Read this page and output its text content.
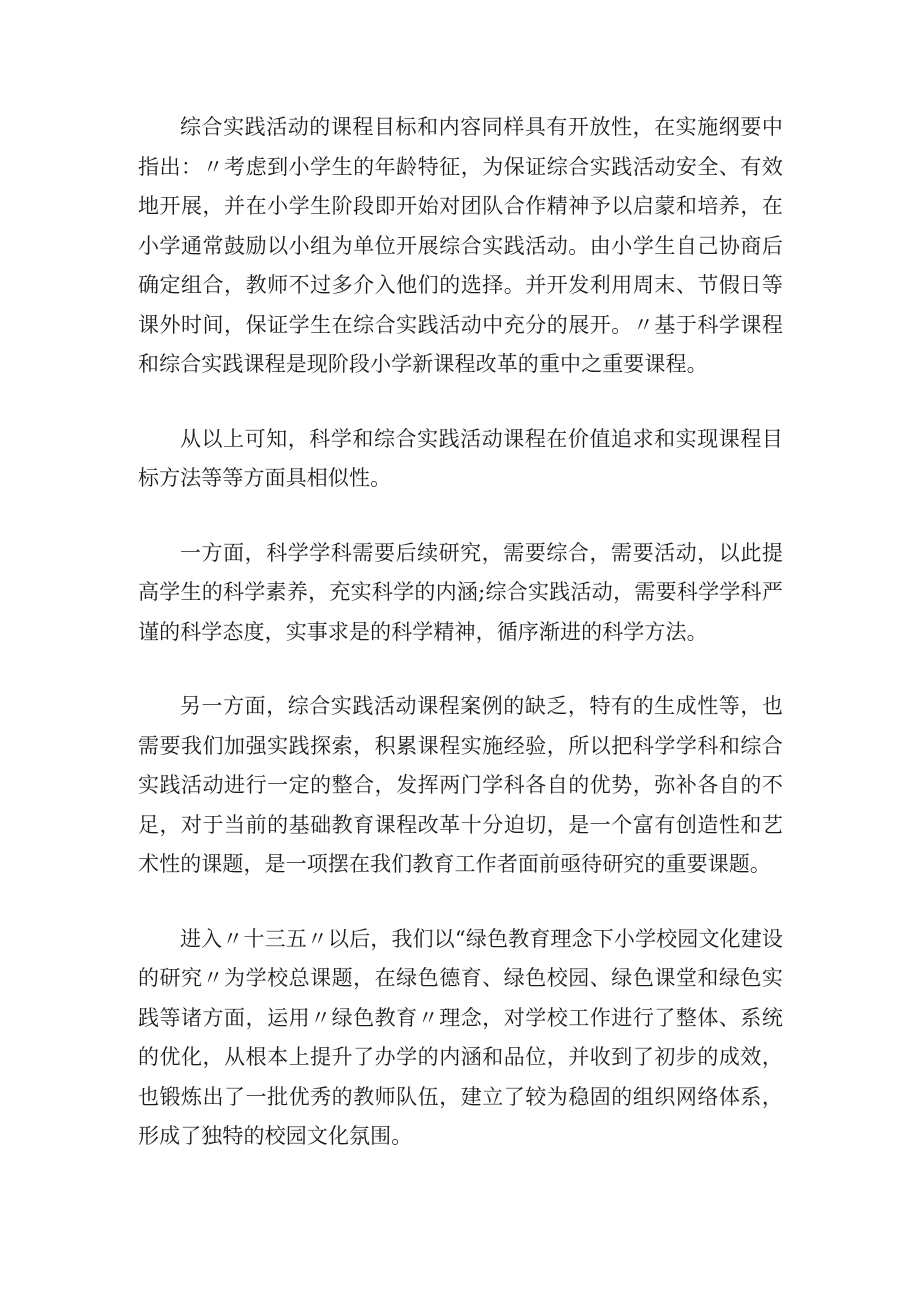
综合实践活动的课程目标和内容同样具有开放性，在实施纲要中指出：〃考虑到小学生的年龄特征，为保证综合实践活动安全、有效地开展，并在小学生阶段即开始对团队合作精神予以启蒙和培养，在小学通常鼓励以小组为单位开展综合实践活动。由小学生自己协商后确定组合，教师不过多介入他们的选择。并开发利用周末、节假日等课外时间，保证学生在综合实践活动中充分的展开。〃基于科学课程和综合实践课程是现阶段小学新课程改革的重中之重要课程。

从以上可知，科学和综合实践活动课程在价值追求和实现课程目标方法等等方面具相似性。

一方面，科学学科需要后续研究，需要综合，需要活动，以此提高学生的科学素养，充实科学的内涵;综合实践活动，需要科学学科严谨的科学态度，实事求是的科学精神，循序渐进的科学方法。

另一方面，综合实践活动课程案例的缺乏，特有的生成性等，也需要我们加强实践探索，积累课程实施经验，所以把科学学科和综合实践活动进行一定的整合，发挥两门学科各自的优势，弥补各自的不足，对于当前的基础教育课程改革十分迫切，是一个富有创造性和艺术性的课题，是一项摆在我们教育工作者面前亟待研究的重要课题。

进入〃十三五〃以后，我们以“绿色教育理念下小学校园文化建设的研究〃为学校总课题，在绿色德育、绿色校园、绿色课堂和绿色实践等诸方面，运用〃绿色教育〃理念，对学校工作进行了整体、系统的优化，从根本上提升了办学的内涵和品位，并收到了初步的成效，也锻炼出了一批优秀的教师队伍，建立了较为稳固的组织网络体系，形成了独特的校园文化氛围。
